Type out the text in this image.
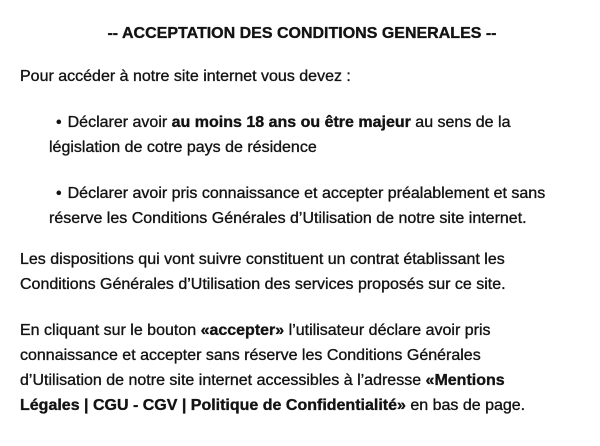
-- ACCEPTATION DES CONDITIONS GENERALES --

Pour accéder à notre site internet vous devez :

• Déclarer avoir au moins 18 ans ou être majeur au sens de la législation de cotre pays de résidence

• Déclarer avoir pris connaissance et accepter préalablement et sans réserve les Conditions Générales d’Utilisation de notre site internet.

Les dispositions qui vont suivre constituent un contrat établissant les Conditions Générales d’Utilisation des services proposés sur ce site.

En cliquant sur le bouton «accepter» l’utilisateur déclare avoir pris connaissance et accepter sans réserve les Conditions Générales d’Utilisation de notre site internet accessibles à l’adresse «Mentions Légales | CGU - CGV | Politique de Confidentialité» en bas de page.
